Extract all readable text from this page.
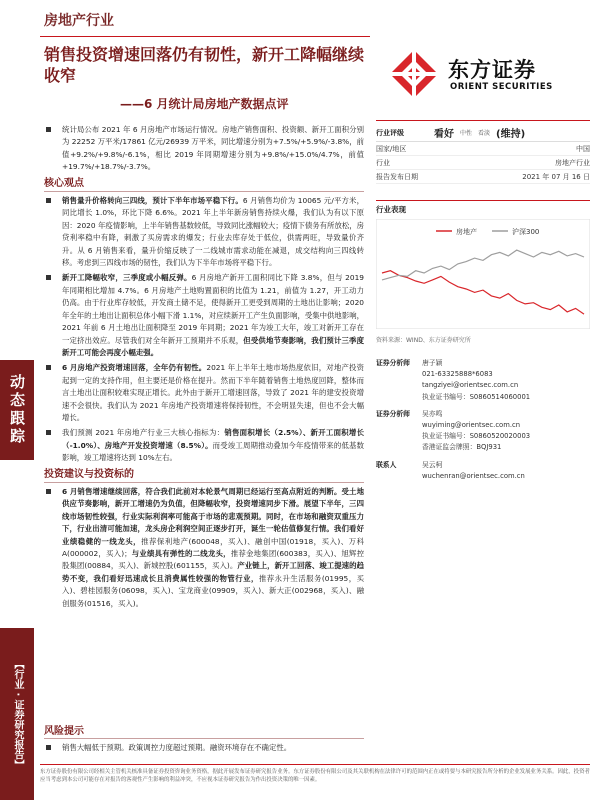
动态跟踪
【行业 · 证券研究报告】
房地产行业
销售投资增速回落仍有韧性，新开工降幅继续收窄
——6 月统计局房地产数据点评
东方证券
ORIENT SECURITIES
统计局公布 2021 年 6 月房地产市场运行情况。房地产销售面积、投资额、新开工面积分别为 22252 万平米/17861 亿元/26939 万平米，同比增速分别为+7.5%/+5.9%/-3.8%，前值+9.2%/+9.8%/-6.1%，相比 2019 年同期增速分别为+9.8%/+15.0%/4.7%，前值+19.7%/+18.7%/-3.7%。
核心观点
销售量升价格转向三四线，预计下半年市场平稳下行。6 月销售均价为 10065 元/平方米，同比增长 1.0%，环比下降 6.6%。2021 年上半年新房销售持续火爆，我们认为有以下原因：2020 年疫情影响，上半年销售基数较低，导致同比涨幅较大；疫情下债务有所放松，房贷利率稳中有降，刺激了买房需求的爆发；行业去库存处于低位，供需两旺，导致量价齐升。从 6 月销售来看，量升价缩反映了一二线城市需求动能在减退，成交结构向三四线转移。考虑到三四线市场的韧性，我们认为下半年市场将平稳下行。
新开工降幅收窄，三季度或小幅反弹。6 月房地产新开工面积同比下降 3.8%，但与 2019 年同期相比增加 4.7%。6 月房地产土地购置面积的比值为 1.21，前值为 1.27，开工动力仍高。由于行业库存较低，开发商土储不足，使得新开工更受到周期的土地出让影响；2020 年全年的土地出让面积总体小幅下滑 1.1%，对应续新开工产生负面影响，受集中供地影响，2021 年前 6 月土地出让面积降至 2019 年同期；2021 年为竣工大年，竣工对新开工存在一定挤出效应。尽管我们对全年新开工预期并不乐观，但受供地节奏影响，我们预计三季度新开工可能会再度小幅走强。
6 月房地产投资增速回落，全年仍有韧性。2021 年上半年土地市场热度依旧，对地产投资起到一定的支持作用，但主要还是价格在提升。然而下半年随着销售土地热度回降，整体而言土地出让面积较难实现正增长。此外由于新开工增速回落，导致了 2021 年的建安投资增速不会很快。我们认为 2021 年房地产投资增速将保持韧性，不会明显失速，但也不会大幅增长。
我们预测 2021 年房地产行业三大核心指标为：销售面积增长（2.5%）、新开工面积增长（-1.0%）、房地产开发投资增速（8.5%）。而受竣工周期推动叠加今年疫情带来的低基数影响，竣工增速将达到 10%左右。
投资建议与投资标的
6 月销售增速继续回落，符合我们此前对本轮景气周期已经运行至高点附近的判断。受土地供应节奏影响，新开工增速仍为负值，但降幅收窄，投资增速同步下滑。展望下半年，三四线市场韧性较强，行业实际利润率可能高于市场的悲观预期。同时，在市场和融资双重压力下，行业出清可能加速，龙头房企利润空间正逐步打开，诞生一轮估值修复行情。我们看好业绩稳健的一线龙头，推荐保利地产(600048，买入)、融创中国(01918，买入)、万科 A(000002，买入)；与业绩具有弹性的二线龙头，推荐金地集团(600383，买入)、旭辉控股集团(00884，买入)、新城控股(601155，买入)。产业链上，新开工回落、竣工提速的趋势不变，我们看好迅速成长且消费属性较强的物管行业，推荐永升生活服务(01995，买入)、碧桂园服务(06098，买入)、宝龙商业(09909，买入)、新大正(002968，买入)、融创服务(01516，买入)。
风险提示
销售大幅低于预期。政策调控力度超过预期。融资环境存在不确定性。
行业评级	看好 中性 看淡 (维持)
国家/地区	中国
行业	房地产行业
报告发布日期	2021 年 07 月 16 日
行业表现
房地产	沪深300
资料来源：WIND、东方证券研究所
证券分析师	唐子颖
021-63325888*6083
tangziyei@orientsec.com.cn
执业证书编号：S0860514060001
证券分析师	吴亦鸣
wuyiming@orientsec.com.cn
执业证书编号：S0860520020003
香港证监会牌照：BQJ931
联系人	吴云柯
wuchenran@orientsec.com.cn
东方证券股份有限公司经相关主管机关核准具备证券投资咨询业务资格，据此开展发布证券研究报告业务。东方证券股份有限公司及其关联机构在法律许可的范围内正在或将要与本研究报告所分析的企业发展业务关系。因此，投资者应当考虑到本公司可能存在对报告的客观性产生影响的利益冲突，不应视本证券研究报告为作出投资决策的唯一因素。
